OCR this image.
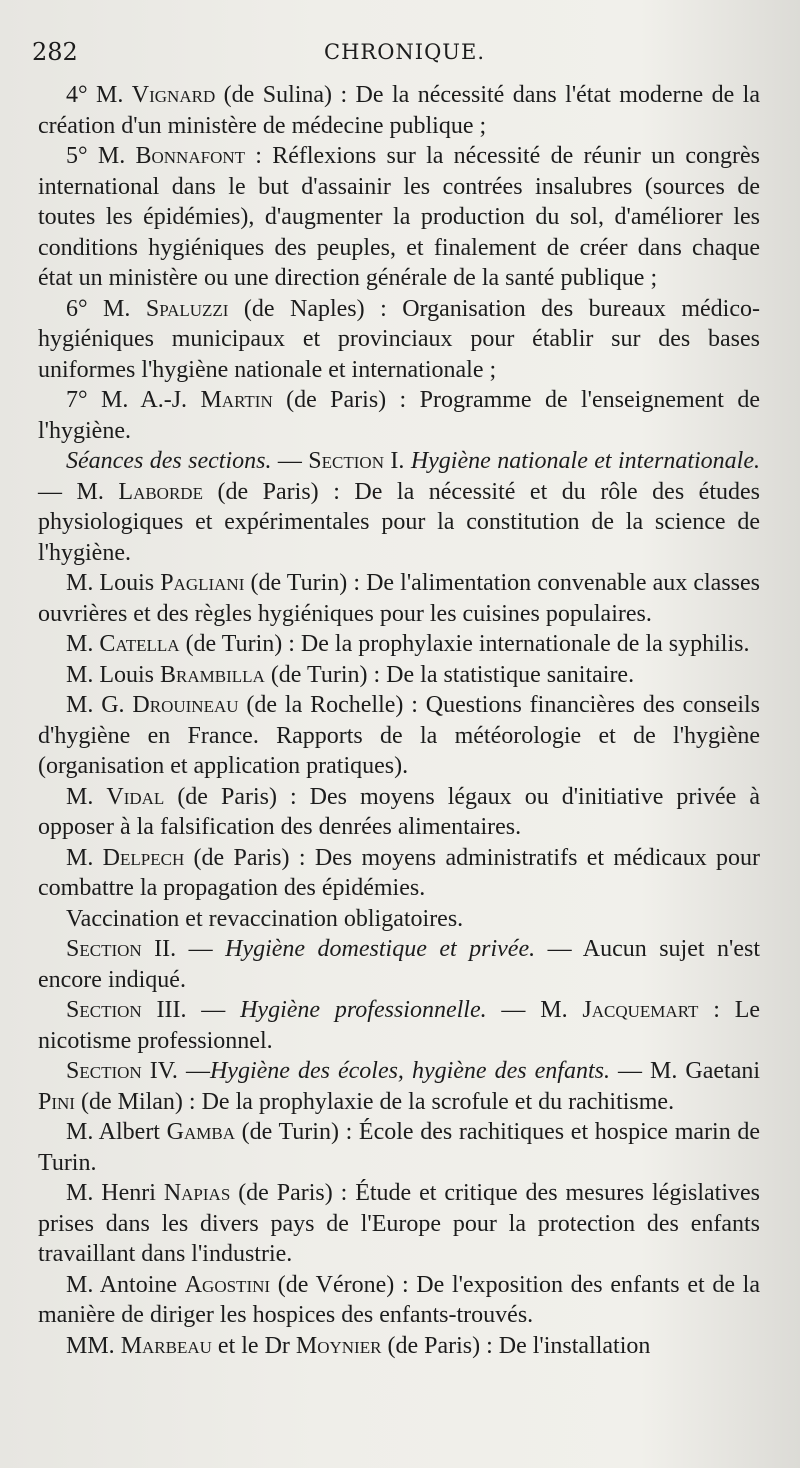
282	CHRONIQUE.

4° M. Vignard (de Sulina) : De la nécessité dans l'état moderne de la création d'un ministère de médecine publique ;

5° M. Bonnafont : Réflexions sur la nécessité de réunir un congrès international dans le but d'assainir les contrées insalubres (sources de toutes les épidémies), d'augmenter la production du sol, d'améliorer les conditions hygiéniques des peuples, et finalement de créer dans chaque état un ministère ou une direction générale de la santé publique ;

6° M. Spaluzzi (de Naples) : Organisation des bureaux médico-hygiéniques municipaux et provinciaux pour établir sur des bases uniformes l'hygiène nationale et internationale ;

7° M. A.-J. Martin (de Paris) : Programme de l'enseignement de l'hygiène.

Séances des sections. — Section I. Hygiène nationale et internationale. — M. Laborde (de Paris) : De la nécessité et du rôle des études physiologiques et expérimentales pour la constitution de la science de l'hygiène.

M. Louis Pagliani (de Turin) : De l'alimentation convenable aux classes ouvrières et des règles hygiéniques pour les cuisines populaires.

M. Catella (de Turin) : De la prophylaxie internationale de la syphilis.

M. Louis Brambilla (de Turin) : De la statistique sanitaire.

M. G. Drouineau (de la Rochelle) : Questions financières des conseils d'hygiène en France. Rapports de la météorologie et de l'hygiène (organisation et application pratiques).

M. Vidal (de Paris) : Des moyens légaux ou d'initiative privée à opposer à la falsification des denrées alimentaires.

M. Delpech (de Paris) : Des moyens administratifs et médicaux pour combattre la propagation des épidémies.

Vaccination et revaccination obligatoires.

Section II. — Hygiène domestique et privée. — Aucun sujet n'est encore indiqué.

Section III. — Hygiène professionnelle. — M. Jacquemart : Le nicotisme professionnel.

Section IV. —Hygiène des écoles, hygiène des enfants. — M. Gaetani Pini (de Milan) : De la prophylaxie de la scrofule et du rachitisme.

M. Albert Gamba (de Turin) : École des rachitiques et hospice marin de Turin.

M. Henri Napias (de Paris) : Étude et critique des mesures législatives prises dans les divers pays de l'Europe pour la protection des enfants travaillant dans l'industrie.

M. Antoine Agostini (de Vérone) : De l'exposition des enfants et de la manière de diriger les hospices des enfants-trouvés.

MM. Marbeau et le Dr Moynier (de Paris) : De l'installation
